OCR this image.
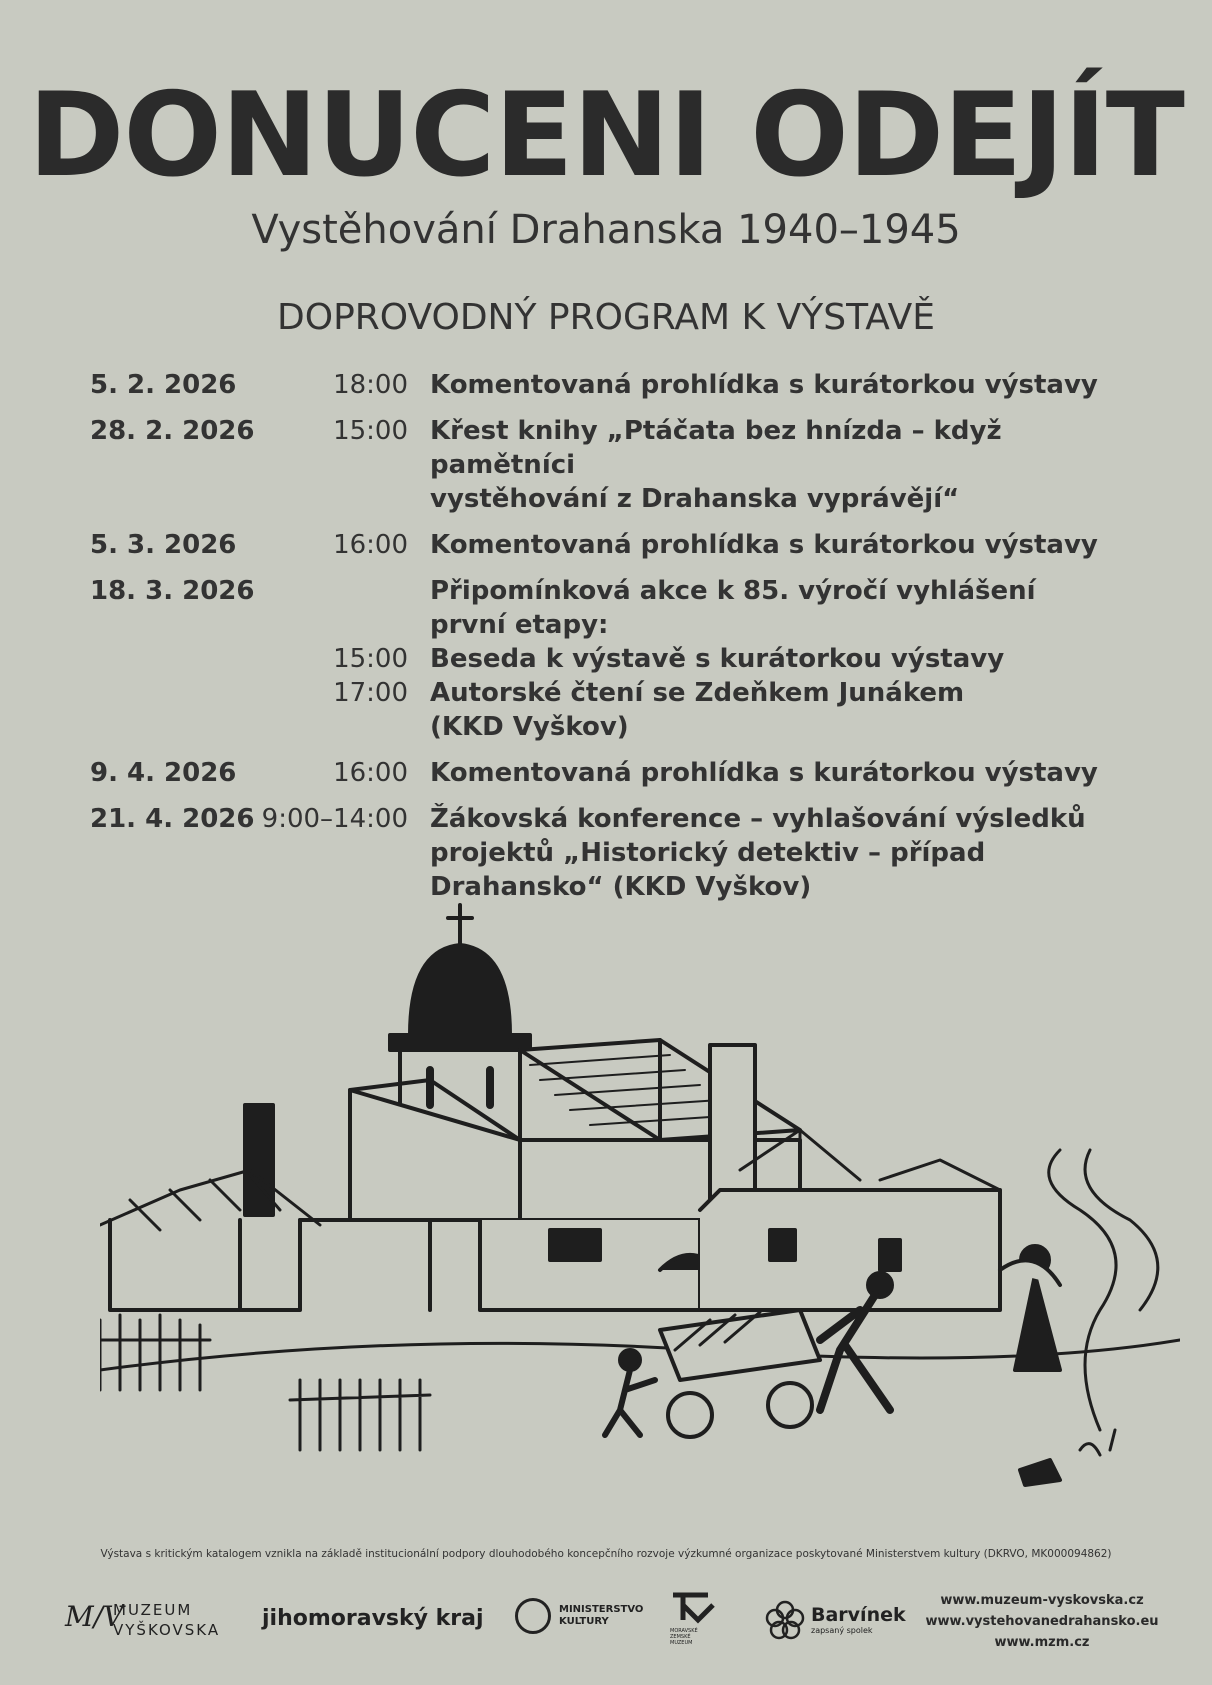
DONUCENI ODEJÍT
Vystěhování Drahanska 1940–1945
DOPROVODNÝ PROGRAM K VÝSTAVĚ
5. 2. 2026	18:00 Komentovaná prohlídka s kurátorkou výstavy
28. 2. 2026	15:00 Křest knihy „Ptáčata bez hnízda – když pamětníci
vystěhování z Drahanska vyprávějí“
5. 3. 2026	16:00 Komentovaná prohlídka s kurátorkou výstavy
18. 3. 2026	Připomínková akce k 85. výročí vyhlášení
první etapy:
15:00 Beseda k výstavě s kurátorkou výstavy
17:00 Autorské čtení se Zdeňkem Junákem
(KKD Vyškov)
9. 4. 2026	16:00 Komentovaná prohlídka s kurátorkou výstavy
21. 4. 2026 9:00–14:00 Žákovská konference – vyhlašování výsledků
projektů „Historický detektiv – případ
Drahansko“ (KKD Vyškov)
Výstava s kritickým katalogem vznikla na základě institucionální podpory dlouhodobého koncepčního rozvoje výzkumné organizace poskytované Ministerstvem kultury (DKRVO, MK000094862)
M/V
MUZEUM
VYŠKOVSKA	jihomoravský kraj	MINISTERSTVO
KULTURY
MORAVSKÉ ZEMSKÉ MUZEUM
Barvínek
zapsaný spolek
www.muzeum-vyskovska.cz
www.vystehovanedrahansko.eu
www.mzm.cz
